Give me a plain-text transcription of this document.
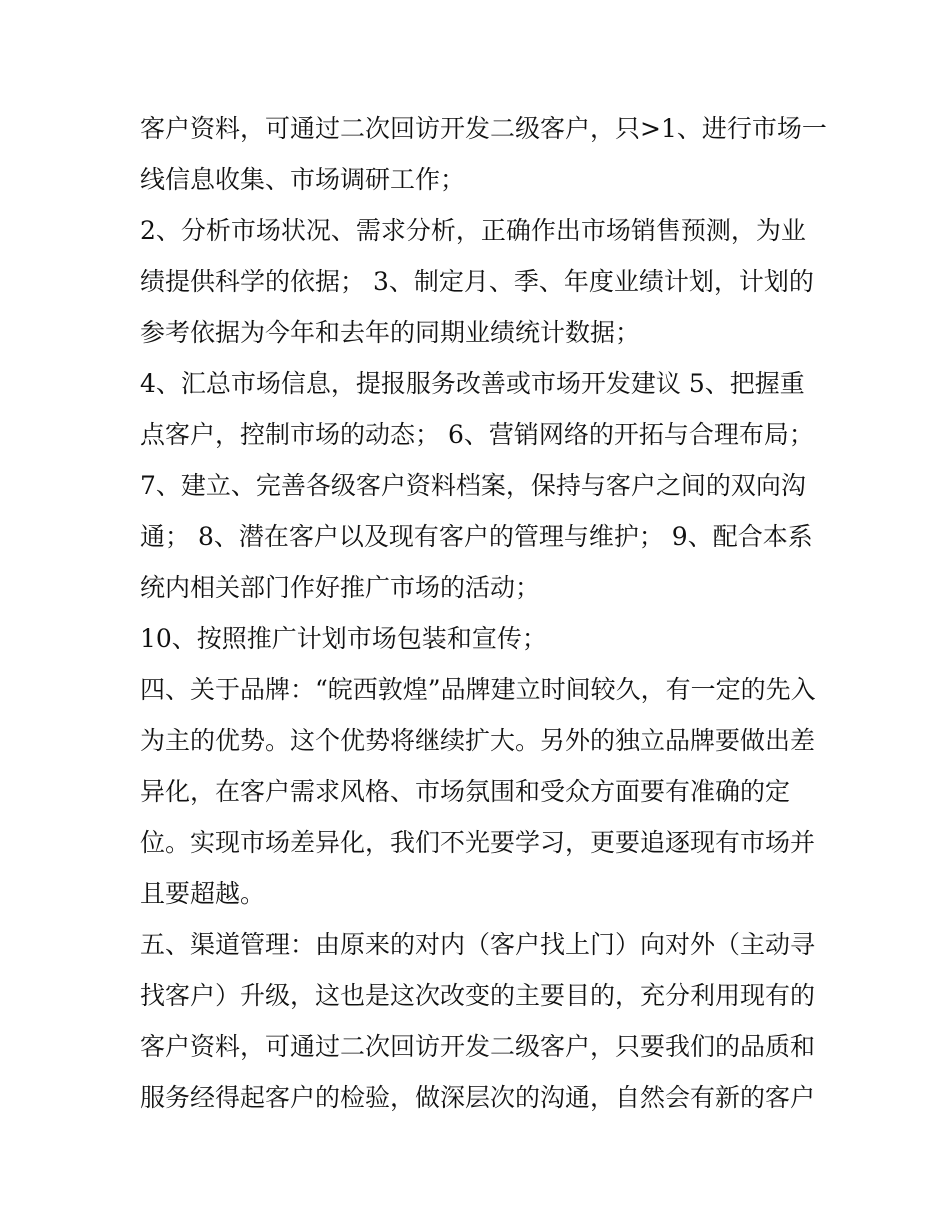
客户资料，可通过二次回访开发二级客户，只>1、进行市场一
线信息收集、市场调研工作；
2、分析市场状况、需求分析，正确作出市场销售预测，为业
绩提供科学的依据； 3、制定月、季、年度业绩计划，计划的
参考依据为今年和去年的同期业绩统计数据；
4、汇总市场信息，提报服务改善或市场开发建议 5、把握重
点客户，控制市场的动态； 6、营销网络的开拓与合理布局；
7、建立、完善各级客户资料档案，保持与客户之间的双向沟
通； 8、潜在客户以及现有客户的管理与维护； 9、配合本系
统内相关部门作好推广市场的活动；
10、按照推广计划市场包装和宣传；
四、关于品牌：“皖西敦煌”品牌建立时间较久，有一定的先入
为主的优势。这个优势将继续扩大。另外的独立品牌要做出差
异化，在客户需求风格、市场氛围和受众方面要有准确的定
位。实现市场差异化，我们不光要学习，更要追逐现有市场并
且要超越。
五、渠道管理：由原来的对内（客户找上门）向对外（主动寻
找客户）升级，这也是这次改变的主要目的，充分利用现有的
客户资料，可通过二次回访开发二级客户，只要我们的品质和
服务经得起客户的检验，做深层次的沟通，自然会有新的客户
